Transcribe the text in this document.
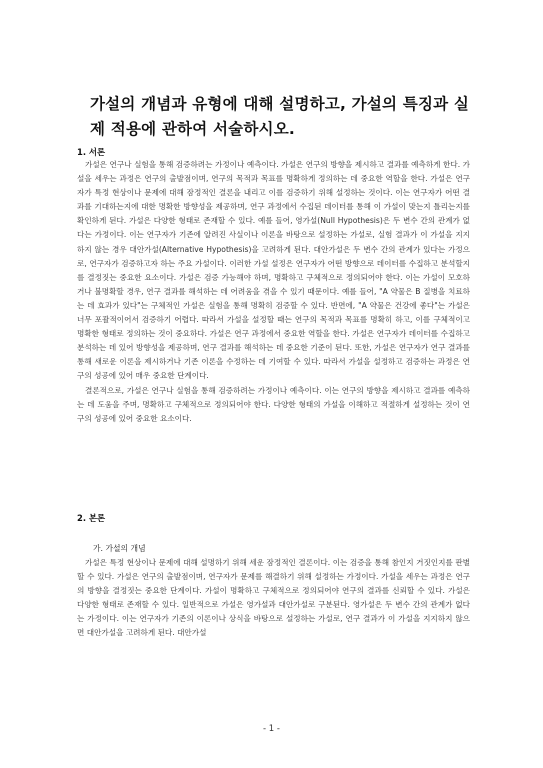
가설의 개념과 유형에 대해 설명하고, 가설의 특징과 실제 적용에 관하여 서술하시오.
1. 서론

가설은 연구나 실험을 통해 검증하려는 가정이나 예측이다. 가설은 연구의 방향을 제시하고 결과를 예측하게 한다. 가설을 세우는 과정은 연구의 출발점이며, 연구의 목적과 목표를 명확하게 정의하는 데 중요한 역할을 한다. 가설은 연구자가 특정 현상이나 문제에 대해 잠정적인 결론을 내리고 이를 검증하기 위해 설정하는 것이다. 이는 연구자가 어떤 결과를 기대하는지에 대한 명확한 방향성을 제공하며, 연구 과정에서 수집된 데이터를 통해 이 가설이 맞는지 틀리는지를 확인하게 된다. 가설은 다양한 형태로 존재할 수 있다. 예를 들어, 영가설(Null Hypothesis)은 두 변수 간의 관계가 없다는 가정이다. 이는 연구자가 기존에 알려진 사실이나 이론을 바탕으로 설정하는 가설로, 실험 결과가 이 가설을 지지하지 않는 경우 대안가설(Alternative Hypothesis)을 고려하게 된다. 대안가설은 두 변수 간의 관계가 있다는 가정으로, 연구자가 검증하고자 하는 주요 가설이다. 이러한 가설 설정은 연구자가 어떤 방향으로 데이터를 수집하고 분석할지를 결정짓는 중요한 요소이다. 가설은 검증 가능해야 하며, 명확하고 구체적으로 정의되어야 한다. 이는 가설이 모호하거나 불명확할 경우, 연구 결과를 해석하는 데 어려움을 겪을 수 있기 때문이다. 예를 들어, "A 약물은 B 질병을 치료하는 데 효과가 있다"는 구체적인 가설은 실험을 통해 명확히 검증할 수 있다. 반면에, "A 약물은 건강에 좋다"는 가설은 너무 포괄적이어서 검증하기 어렵다. 따라서 가설을 설정할 때는 연구의 목적과 목표를 명확히 하고, 이를 구체적이고 명확한 형태로 정의하는 것이 중요하다. 가설은 연구 과정에서 중요한 역할을 한다. 가설은 연구자가 데이터를 수집하고 분석하는 데 있어 방향성을 제공하며, 연구 결과를 해석하는 데 중요한 기준이 된다. 또한, 가설은 연구자가 연구 결과를 통해 새로운 이론을 제시하거나 기존 이론을 수정하는 데 기여할 수 있다. 따라서 가설을 설정하고 검증하는 과정은 연구의 성공에 있어 매우 중요한 단계이다.

결론적으로, 가설은 연구나 실험을 통해 검증하려는 가정이나 예측이다. 이는 연구의 방향을 제시하고 결과를 예측하는 데 도움을 주며, 명확하고 구체적으로 정의되어야 한다. 다양한 형태의 가설을 이해하고 적절하게 설정하는 것이 연구의 성공에 있어 중요한 요소이다.

2. 본론
가. 가설의 개념

가설은 특정 현상이나 문제에 대해 설명하기 위해 세운 잠정적인 결론이다. 이는 검증을 통해 참인지 거짓인지를 판별할 수 있다. 가설은 연구의 출발점이며, 연구자가 문제를 해결하기 위해 설정하는 가정이다. 가설을 세우는 과정은 연구의 방향을 결정짓는 중요한 단계이다. 가설이 명확하고 구체적으로 정의되어야 연구의 결과를 신뢰할 수 있다. 가설은 다양한 형태로 존재할 수 있다. 일반적으로 가설은 영가설과 대안가설로 구분된다. 영가설은 두 변수 간의 관계가 없다는 가정이다. 이는 연구자가 기존의 이론이나 상식을 바탕으로 설정하는 가설로, 연구 결과가 이 가설을 지지하지 않으면 대안가설을 고려하게 된다. 대안가설

- 1 -
